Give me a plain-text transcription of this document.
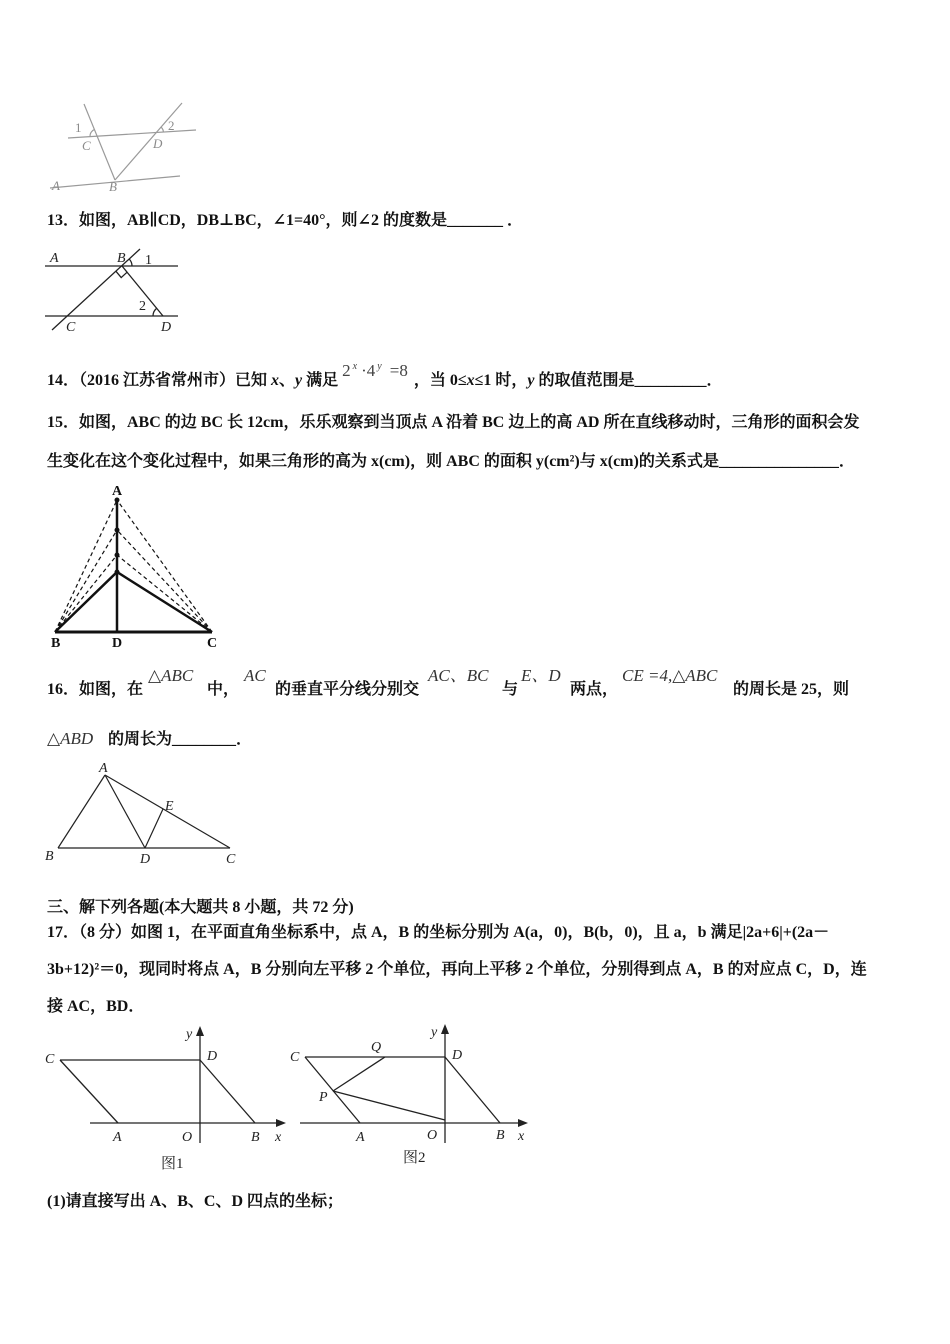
1
C
2
D
A	B
13．如图，AB∥CD，DB⊥BC，∠1=40°，则∠2 的度数是_______ ．
A	B 1
2
C	D
14．（2016 江苏省常州市）已知 x、y 满足2 $^x$ ·4 $^y$ =8，当 0≤x≤1 时，y 的取值范围是_________．
15．如图，ABC 的边 BC 长 12cm，乐乐观察到当顶点 A 沿着 BC 边上的高 AD 所在直线移动时，三角形的面积会发
生变化在这个变化过程中，如果三角形的高为 x(cm)，则 ABC 的面积 y(cm²)与 x(cm)的关系式是_______________．
A
B	D	C
16．如图，在
△ABC
中，
AC
的垂直平分线分别交
AC、BC
与
E、D
两点，
CE =4,△ABC
的周长是 25，则
△ABD 的周长为________．
A
B	D	C
E
三、解下列各题(本大题共 8 小题，共 72 分)
17．（8 分）如图 1，在平面直角坐标系中，点 A，B 的坐标分别为 A(a，0)，B(b，0)，且 a，b 满足|2a+6|+(2a－
3b+12)²＝0，现同时将点 A，B 分别向左平移 2 个单位，再向上平移 2 个单位，分别得到点 A，B 的对应点 C，D，连
接 AC，BD．
C	D
A	O	B x
y
图1
C
Q
D
P
A	O	B x
y
图2
(1)请直接写出 A、B、C、D 四点的坐标；
